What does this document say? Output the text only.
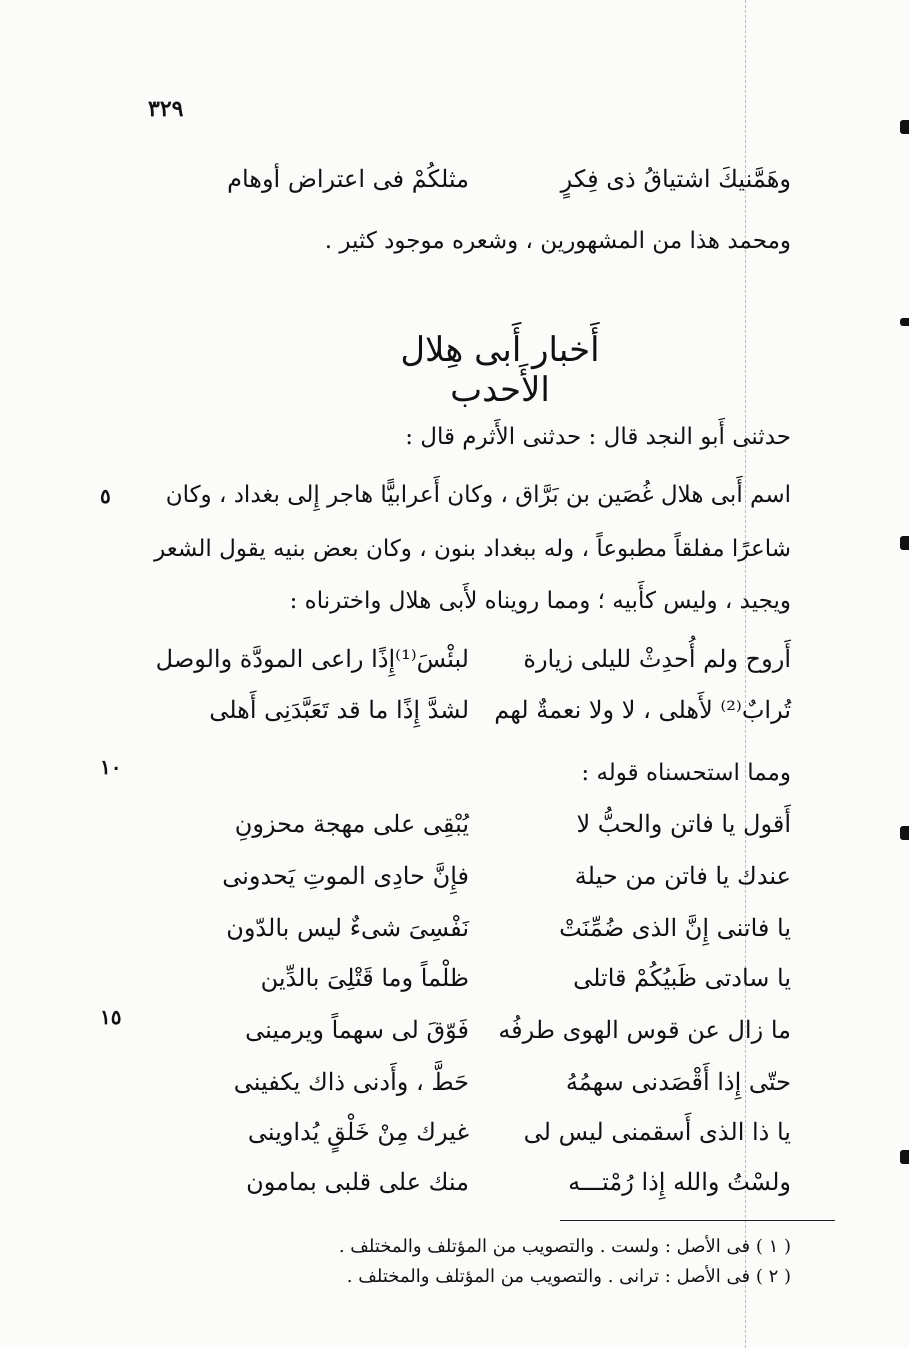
٣٢٩
وهَمَّنيكَ اشتياقُ ذى فِكرٍ
مثلكُمْ فى اعتراض أوهام
ومحمد هذا من المشهورين ، وشعره موجود كثير .
أَخبار أَبى هِلال الأَحدب
حدثنى أَبو النجد قال : حدثنى الأَثرم قال :
اسم أَبى هلال غُصَين بن بَرَّاق ، وكان أَعرابيًّا هاجر إِلى بغداد ، وكان
شاعرًا مفلقاً مطبوعاً ، وله ببغداد بنون ، وكان بعض بنيه يقول الشعر
ويجيد ، وليس كأَبيه ؛ ومما رويناه لأَبى هلال واخترناه :
٥
أَروح ولم أُحدِثْ لليلى زيارة
لبئْسَ⁽¹⁾إِذًا راعى المودَّة والوصل
تُرابٌ⁽²⁾ لأَهلى ، لا ولا نعمةٌ لهم
لشدَّ إِذًا ما قد تَعَبَّدَنِى أَهلى
ومما استحسناه قوله :
١٠
أَقول يا فاتن والحبُّ لا
يُبْقِى على مهجة محزونِ
عندك يا فاتن من حيلة
فإِنَّ حادِى الموتِ يَحدونى
يا فاتنى إِنَّ الذى ضُمِّنَتْ
نَفْسِىَ شىءٌ ليس بالدّون
يا سادتى ظَبيُكُمْ قاتلى
ظلْماً وما قَتْلِىَ بالدِّين
ما زال عن قوس الهوى طرفُه
فَوّقَ لى سهماً ويرمينى
حتّى إِذا أَقْصَدنى سهمُهُ
حَطَّ ، وأَدنى ذاك يكفينى
يا ذا الذى أَسقمنى ليس لى
غيرك مِنْ خَلْقٍ يُداوينى
ولسْتُ والله إِذا رُمْتـــه
منك على قلبى بمامون
١٥
( ١ ) فى الأصل : ولست . والتصويب من المؤتلف والمختلف .
( ٢ ) فى الأصل : ترانى . والتصويب من المؤتلف والمختلف .
